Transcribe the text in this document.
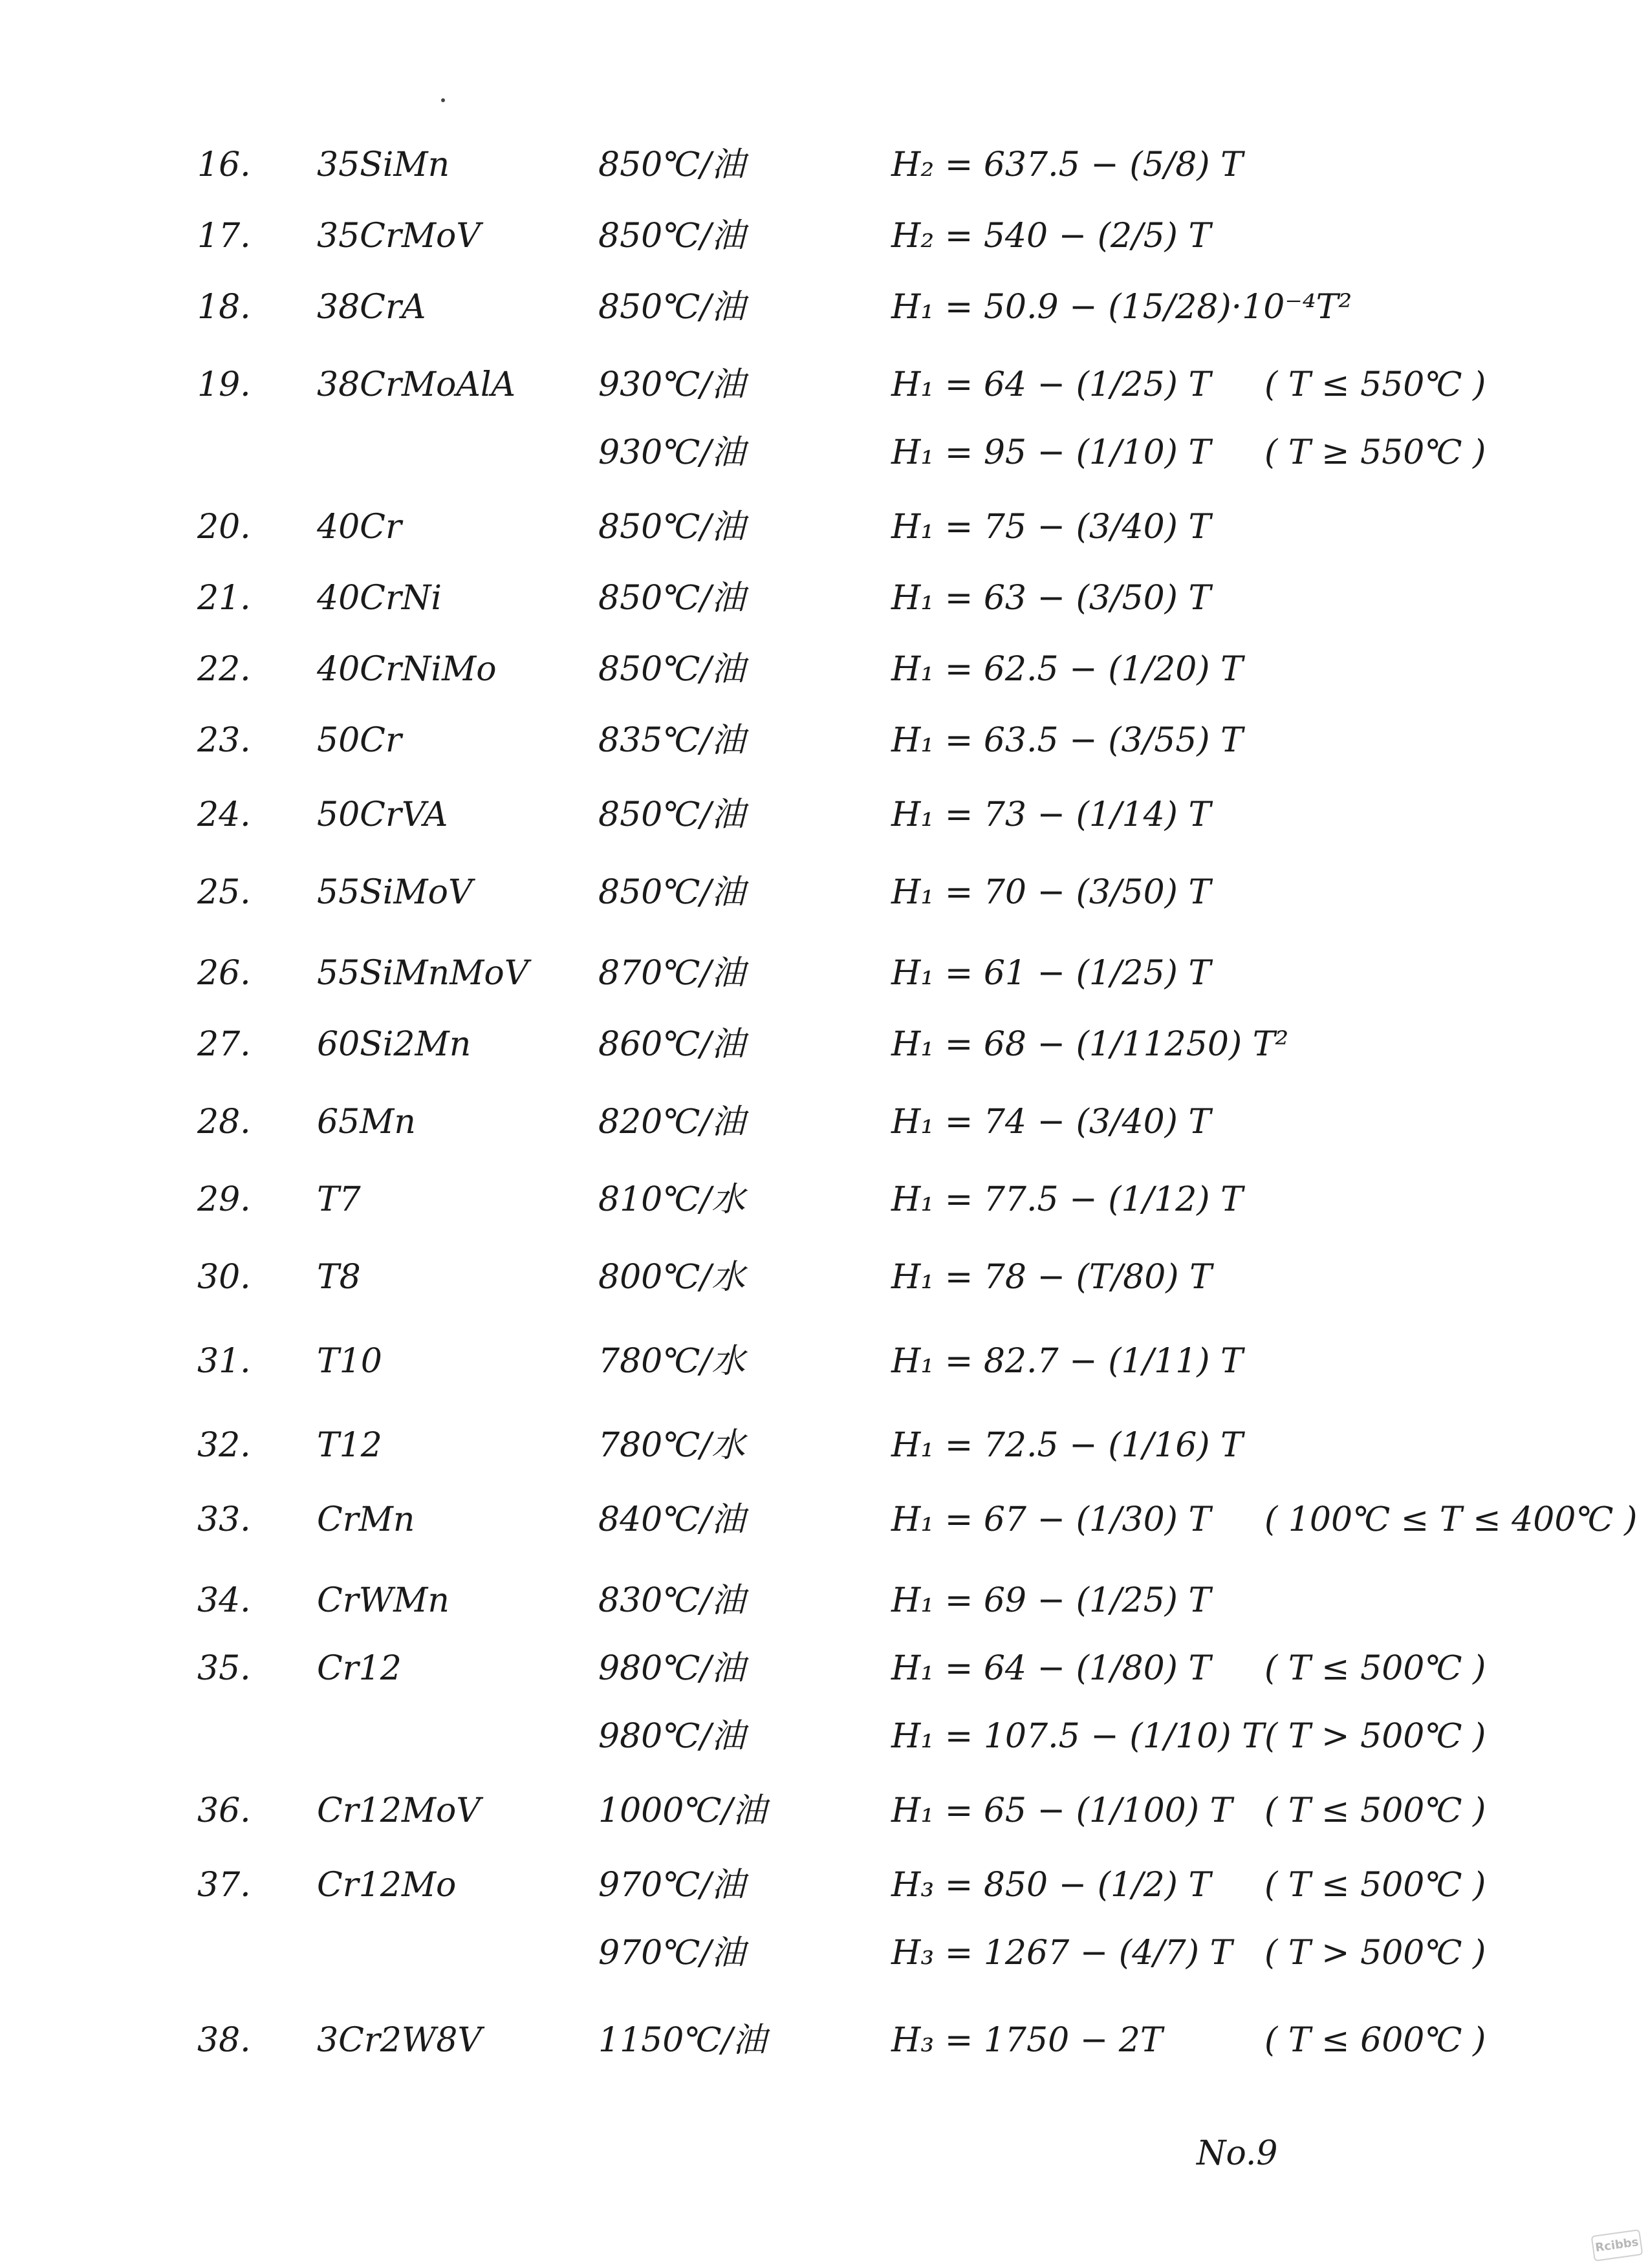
16. 35SiMn	850℃/油	H₂ = 637.5 − (5/8) T
17. 35CrMoV	850℃/油	H₂ = 540 − (2/5) T
18. 38CrA	850℃/油	H₁ = 50.9 − (15/28)·10⁻⁴T²
19. 38CrMoAlA 930℃/油	H₁ = 64 − (1/25) T ( T ≤ 550℃ )
930℃/油	H₁ = 95 − (1/10) T ( T ≥ 550℃ )
20. 40Cr	850℃/油	H₁ = 75 − (3/40) T
21. 40CrNi	850℃/油	H₁ = 63 − (3/50) T
22. 40CrNiMo	850℃/油	H₁ = 62.5 − (1/20) T
23. 50Cr	835℃/油	H₁ = 63.5 − (3/55) T
24. 50CrVA	850℃/油	H₁ = 73 − (1/14) T
25. 55SiMoV	850℃/油	H₁ = 70 − (3/50) T
26. 55SiMnMoV 870℃/油	H₁ = 61 − (1/25) T
27. 60Si2Mn	860℃/油	H₁ = 68 − (1/11250) T²
28. 65Mn	820℃/油	H₁ = 74 − (3/40) T
29. T7	810℃/水	H₁ = 77.5 − (1/12) T
30. T8	800℃/水	H₁ = 78 − (T/80) T
31. T10	780℃/水	H₁ = 82.7 − (1/11) T
32. T12	780℃/水	H₁ = 72.5 − (1/16) T
33. CrMn	840℃/油	H₁ = 67 − (1/30) T ( 100℃ ≤ T ≤ 400℃ )
34. CrWMn	830℃/油	H₁ = 69 − (1/25) T
35. Cr12	980℃/油	H₁ = 64 − (1/80) T ( T ≤ 500℃ )
980℃/油	H₁ = 107.5 − (1/10) T ( T > 500℃ )
36. Cr12MoV	1000℃/油	H₁ = 65 − (1/100) T ( T ≤ 500℃ )
37. Cr12Mo	970℃/油	H₃ = 850 − (1/2) T ( T ≤ 500℃ )
970℃/油	H₃ = 1267 − (4/7) T ( T > 500℃ )
38. 3Cr2W8V	1150℃/油	H₃ = 1750 − 2T	( T ≤ 600℃ )
No.9
Rcibbs
